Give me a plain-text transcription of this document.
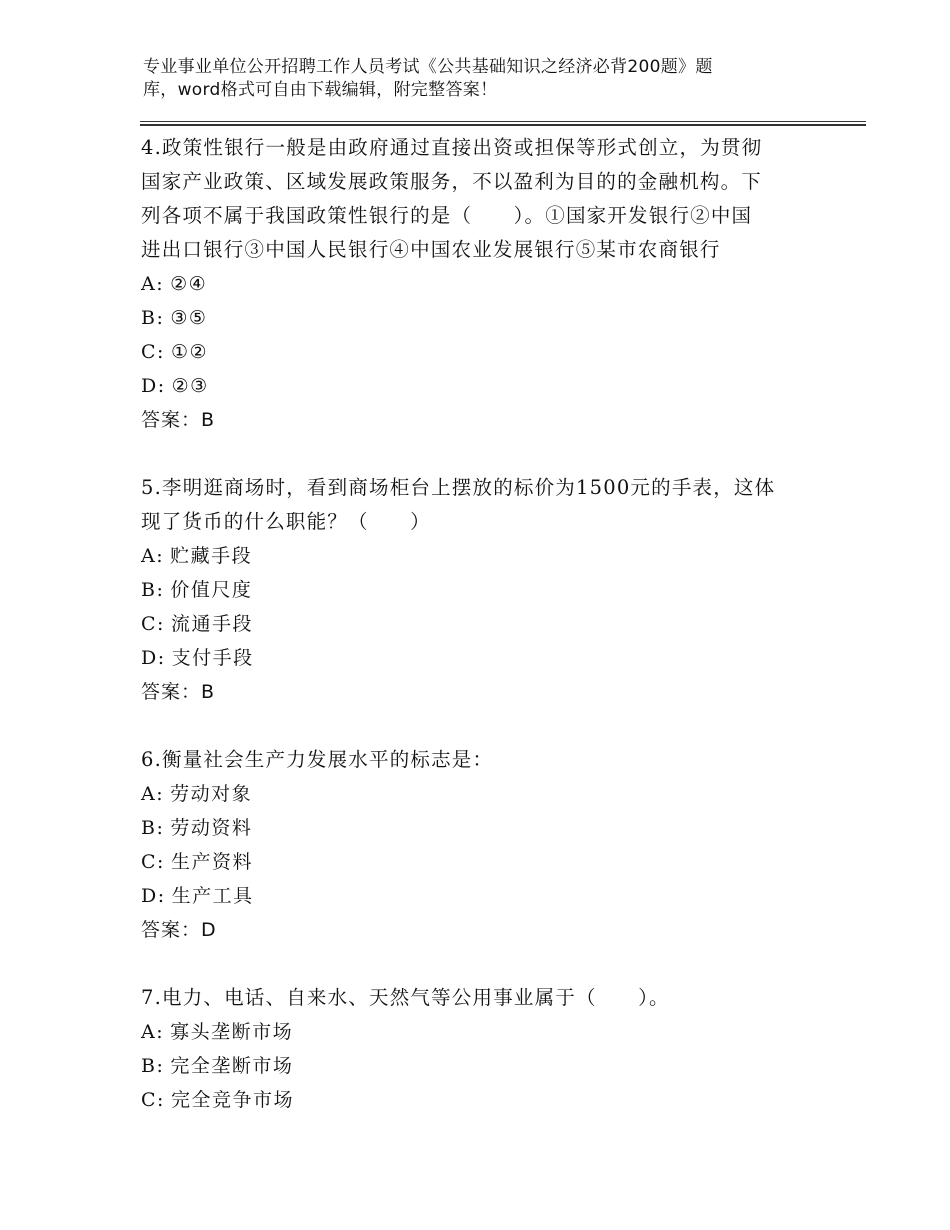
专业事业单位公开招聘工作人员考试《公共基础知识之经济必背200题》题
库，word格式可自由下载编辑，附完整答案！

4.政策性银行一般是由政府通过直接出资或担保等形式创立，为贯彻

国家产业政策、区域发展政策服务，不以盈利为目的的金融机构。下

列各项不属于我国政策性银行的是（　　）。①国家开发银行②中国

进出口银行③中国人民银行④中国农业发展银行⑤某市农商银行

A: ②④

B: ③⑤

C: ①②

D: ②③

答案：B

5.李明逛商场时，看到商场柜台上摆放的标价为1500元的手表，这体

现了货币的什么职能？（　　）

A: 贮藏手段

B: 价值尺度

C: 流通手段

D: 支付手段

答案：B

6.衡量社会生产力发展水平的标志是：

A: 劳动对象

B: 劳动资料

C: 生产资料

D: 生产工具

答案：D

7.电力、电话、自来水、天然气等公用事业属于（　　）。

A: 寡头垄断市场

B: 完全垄断市场

C: 完全竞争市场
